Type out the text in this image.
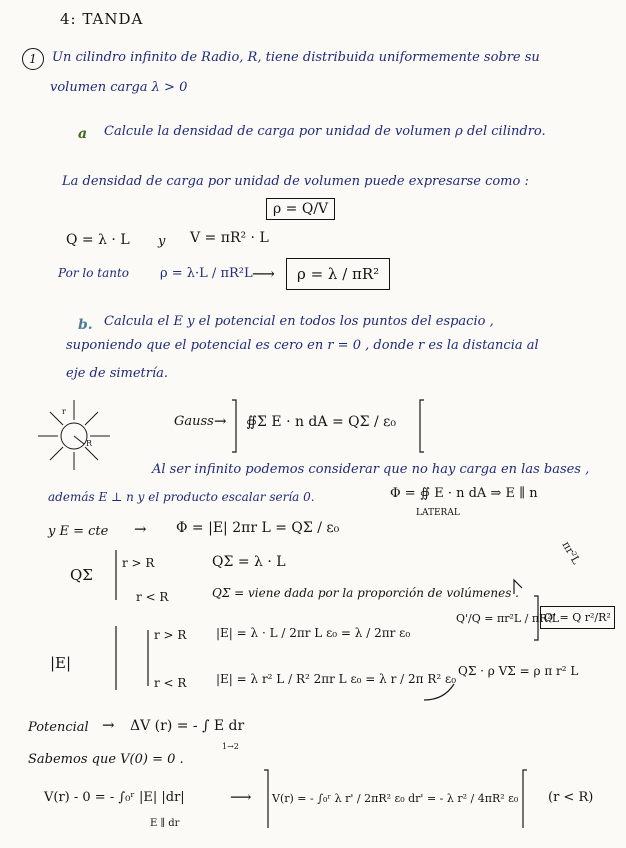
4: TANDA
1	Un cilindro infinito de Radio, R, tiene distribuida uniformemente sobre su
volumen carga λ > 0
a Calcule la densidad de carga por unidad de volumen ρ del cilindro.
La densidad de carga por unidad de volumen puede expresarse como :
ρ = Q/V
Q = λ · L y V = πR² · L
Por lo tanto ρ = λ·L / πR²L ⟶	ρ = λ / πR²
b. Calcula el E y el potencial en todos los puntos del espacio ,
suponiendo que el potencial es cero en r = 0 , donde r es la distancia al
eje de simetría.
r
R
πr²L
Gauss → ∯Σ E · n dA = QΣ / ε₀
Al ser infinito podemos considerar que no hay carga en las bases ,
además E ⊥ n y el producto escalar sería 0.	Φ = ∯ E · n dA ⇒ E ∥ n
LATERAL
y E = cte → Φ = |E| 2πr L = QΣ / ε₀
QΣ
r > R
r < R
QΣ = λ · L
QΣ = viene dada por la proporción de volúmenes .
Q'/Q = πr²L / πR²L
Q' = Q r²/R²
|E|
r > R
r < R
|E| = λ · L / 2πr L ε₀ = λ / 2πr ε₀
|E| = λ r² L / R² 2πr L ε₀ = λ r / 2π R² ε₀
QΣ · ρ VΣ = ρ π r² L
Potencial → ΔV (r) = - ∫ E dr
1→2
Sabemos que V(0) = 0 .
V(r) - 0 = - ∫₀ʳ |E| |dr|
E ∥ dr
⟶ V(r) = - ∫₀ʳ λ r' / 2πR² ε₀ dr' = - λ r² / 4πR² ε₀ (r < R)
